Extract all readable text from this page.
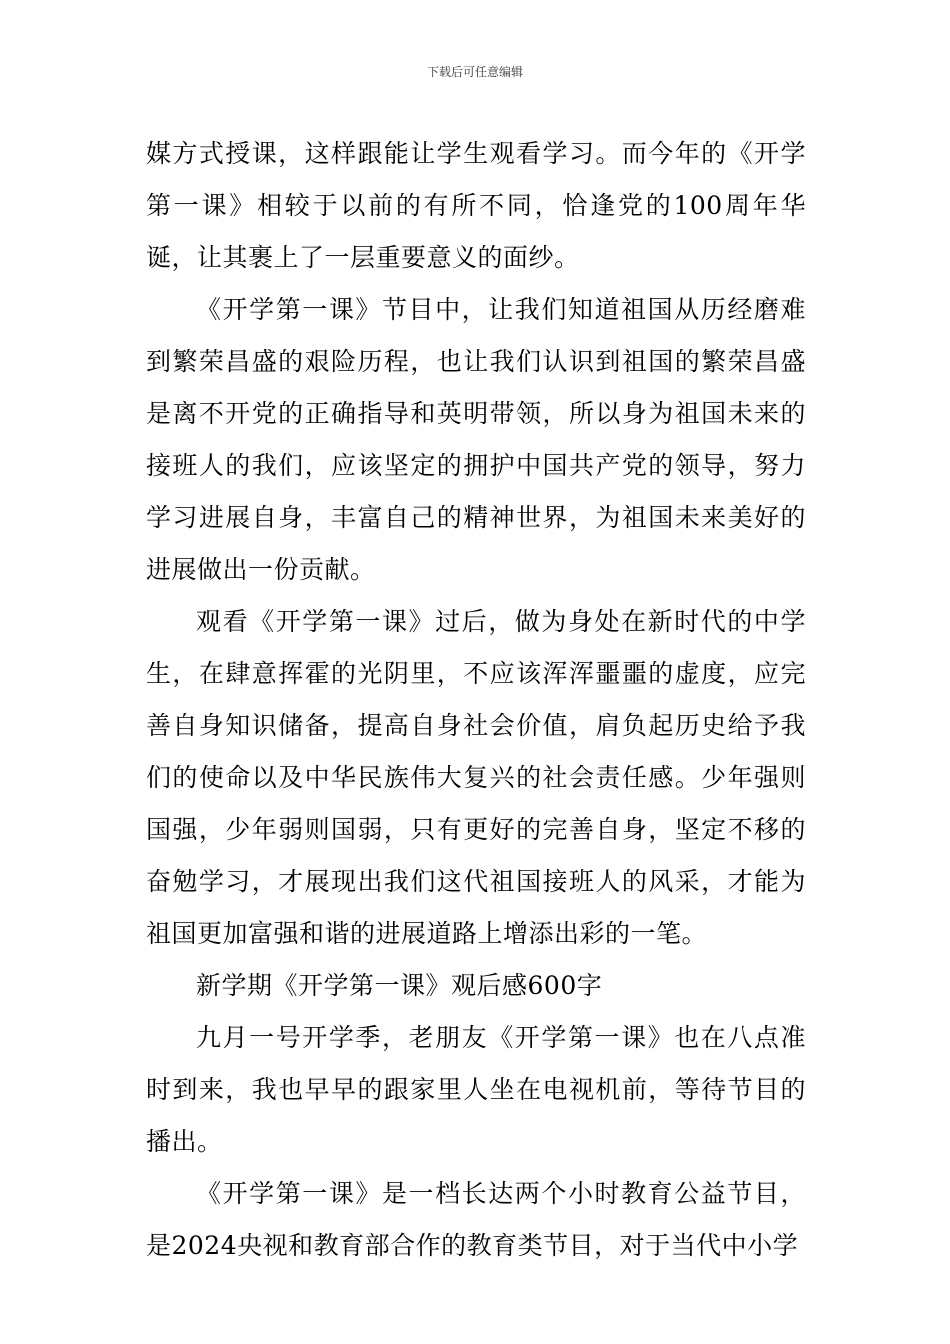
下载后可任意编辑

媒方式授课，这样跟能让学生观看学习。而今年的《开学第一课》相较于以前的有所不同，恰逢党的100周年华诞，让其裹上了一层重要意义的面纱。

《开学第一课》节目中，让我们知道祖国从历经磨难到繁荣昌盛的艰险历程，也让我们认识到祖国的繁荣昌盛是离不开党的正确指导和英明带领，所以身为祖国未来的接班人的我们，应该坚定的拥护中国共产党的领导，努力学习进展自身，丰富自己的精神世界，为祖国未来美好的进展做出一份贡献。

观看《开学第一课》过后，做为身处在新时代的中学生，在肆意挥霍的光阴里，不应该浑浑噩噩的虚度，应完善自身知识储备，提高自身社会价值，肩负起历史给予我们的使命以及中华民族伟大复兴的社会责任感。少年强则国强，少年弱则国弱，只有更好的完善自身，坚定不移的奋勉学习，才展现出我们这代祖国接班人的风采，才能为祖国更加富强和谐的进展道路上增添出彩的一笔。

新学期《开学第一课》观后感600字

九月一号开学季，老朋友《开学第一课》也在八点准时到来，我也早早的跟家里人坐在电视机前，等待节目的播出。

《开学第一课》是一档长达两个小时教育公益节目，是2024央视和教育部合作的教育类节目，对于当代中小学
